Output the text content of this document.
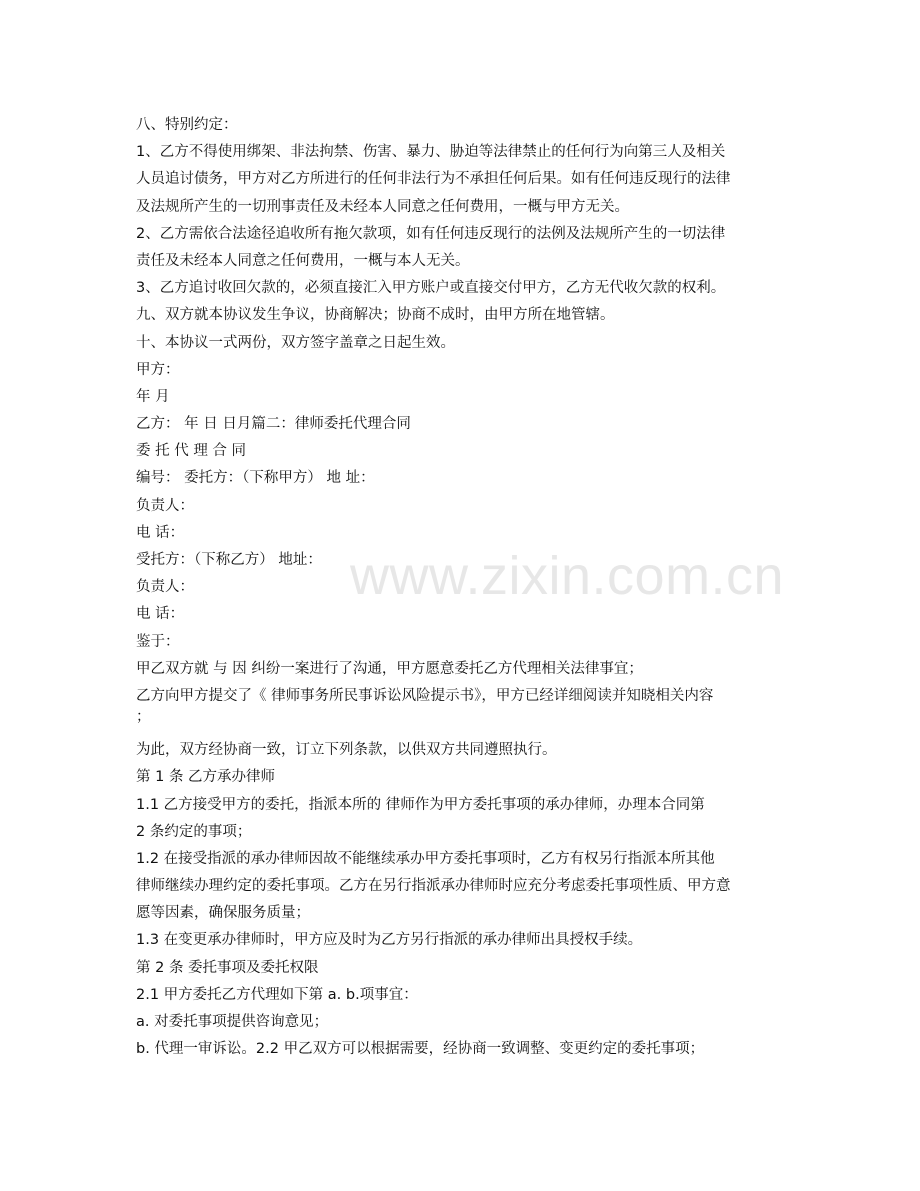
www.zixin.com.cn
八、特别约定：
1、乙方不得使用绑架、非法拘禁、伤害、暴力、胁迫等法律禁止的任何行为向第三人及相关
人员追讨债务，甲方对乙方所进行的任何非法行为不承担任何后果。如有任何违反现行的法律
及法规所产生的一切刑事责任及未经本人同意之任何费用，一概与甲方无关。
2、乙方需依合法途径追收所有拖欠款项，如有任何违反现行的法例及法规所产生的一切法律
责任及未经本人同意之任何费用，一概与本人无关。
3、乙方追讨收回欠款的，必须直接汇入甲方账户或直接交付甲方，乙方无代收欠款的权利。
九、双方就本协议发生争议，协商解决；协商不成时，由甲方所在地管辖。
十、本协议一式两份，双方签字盖章之日起生效。
甲方：
年 月
乙方： 年 日 日月篇二：律师委托代理合同
委 托 代 理 合 同
编号： 委托方：（下称甲方） 地 址：
负责人：
电 话：
受托方：（下称乙方） 地址：
负责人：
电 话：
鉴于：
甲乙双方就 与 因 纠纷一案进行了沟通，甲方愿意委托乙方代理相关法律事宜；
乙方向甲方提交了《 律师事务所民事诉讼风险提示书》，甲方已经详细阅读并知晓相关内容
；
为此，双方经协商一致，订立下列条款，以供双方共同遵照执行。
第 1 条 乙方承办律师
1.1 乙方接受甲方的委托，指派本所的 律师作为甲方委托事项的承办律师，办理本合同第
2 条约定的事项；
1.2 在接受指派的承办律师因故不能继续承办甲方委托事项时，乙方有权另行指派本所其他
律师继续办理约定的委托事项。乙方在另行指派承办律师时应充分考虑委托事项性质、甲方意
愿等因素，确保服务质量；
1.3 在变更承办律师时，甲方应及时为乙方另行指派的承办律师出具授权手续。
第 2 条 委托事项及委托权限
2.1 甲方委托乙方代理如下第 a. b.项事宜：
a. 对委托事项提供咨询意见；
b. 代理一审诉讼。2.2 甲乙双方可以根据需要，经协商一致调整、变更约定的委托事项；
